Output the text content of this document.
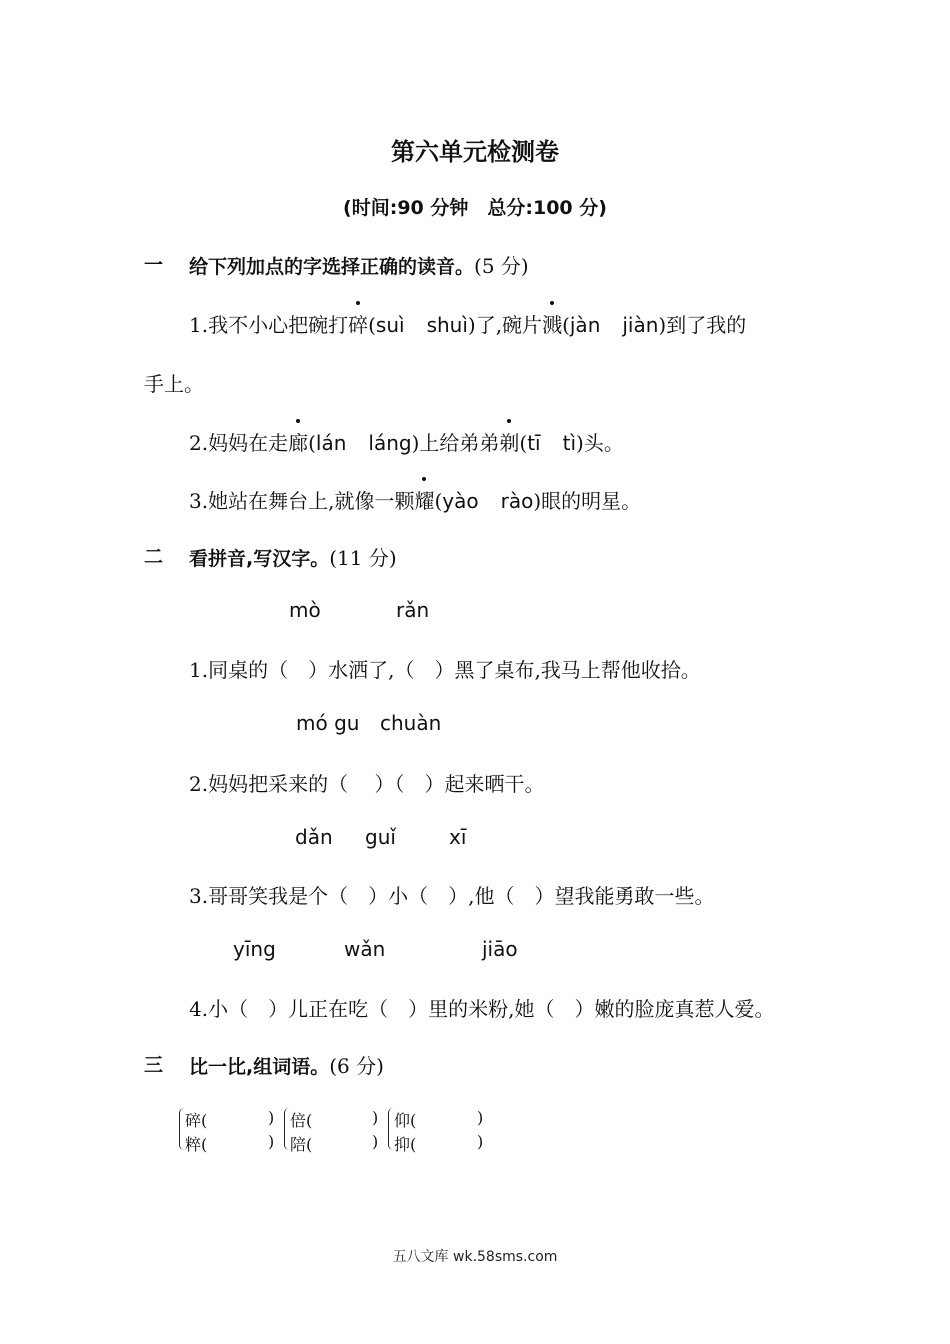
第六单元检测卷
(时间:90 分钟　总分:100 分)
一 给下列加点的字选择正确的读音。(5 分)
1.我不小心把碗打碎(suì shuì)了,碗片溅(jàn jiàn)到了我的
手上。
2.妈妈在走廊(lán láng)上给弟弟剃(tī tì)头。
3.她站在舞台上,就像一颗耀(yào rào)眼的明星。
二 看拼音,写汉字。(11 分)
mò	rǎn
1.同桌的（　）水洒了,（　）黑了桌布,我马上帮他收拾。
mó gu chuàn
2.妈妈把采来的（　 ）（　）起来晒干。
dǎn guǐ	xī
3.哥哥笑我是个（　）小（　）,他（　）望我能勇敢一些。
yīng	wǎn	jiāo
4.小（　）儿正在吃（　）里的米粉,她（　）嫩的脸庞真惹人爱。
三 比一比,组词语。(6 分)
碎(	)
粹(	)
倍(	)
陪(	)
仰(	)
抑(	)
五八文库 wk.58sms.com
